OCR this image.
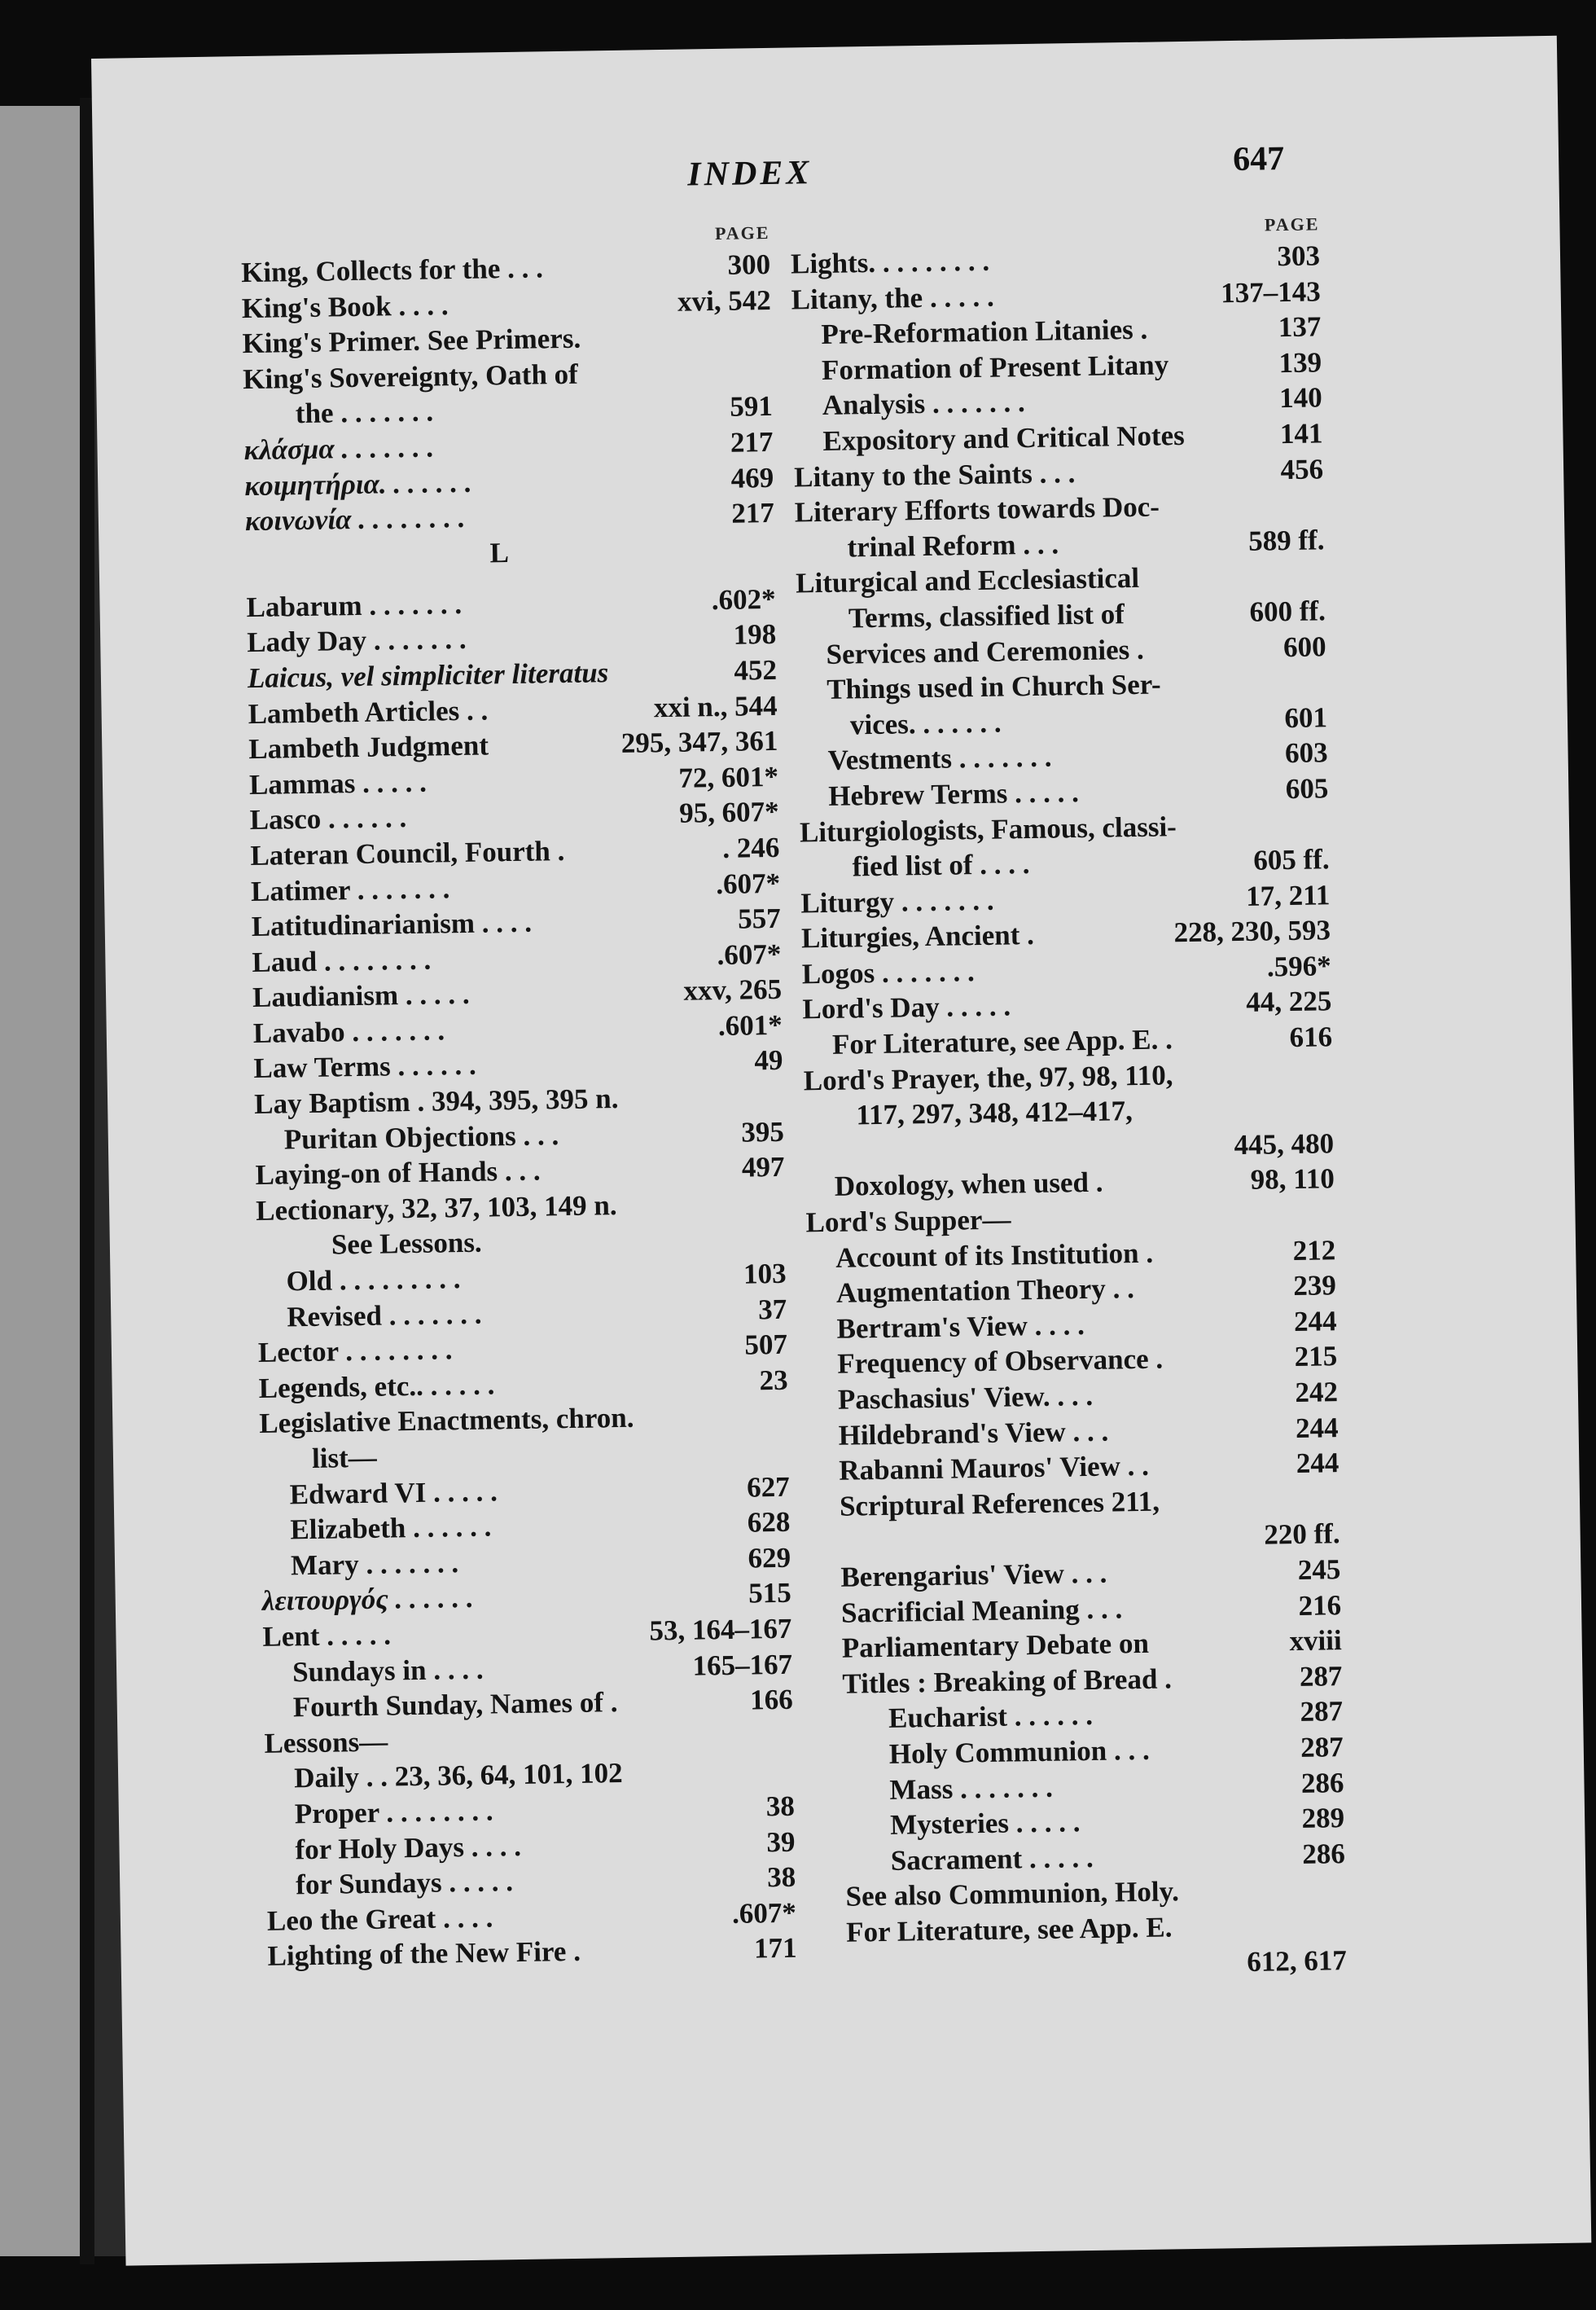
INDEX	647
PAGE
King, Collects for the . . .	300
King's Book . . . .	xvi, 542
King's Primer. See Primers.
King's Sovereignty, Oath of
the . . . . . . .	591
κλάσμα . . . . . . .	217
κοιμητήρια. . . . . . .	469
κοινωνία . . . . . . . .	217
L
Labarum . . . . . . .	.602*
Lady Day . . . . . . .	198
Laicus, vel simpliciter literatus	452
Lambeth Articles . .	xxi n., 544
Lambeth Judgment	295, 347, 361
Lammas . . . . .	72, 601*
Lasco . . . . . .	95, 607*
Lateran Council, Fourth .	. 246
Latimer . . . . . . .	.607*
Latitudinarianism . . . .	557
Laud . . . . . . . .	.607*
Laudianism . . . . .	xxv, 265
Lavabo . . . . . . .	.601*
Law Terms . . . . . .	49
Lay Baptism . 394, 395, 395 n.
Puritan Objections . . .	395
Laying-on of Hands . . .	497
Lectionary, 32, 37, 103, 149 n.
See Lessons.
Old . . . . . . . . .	103
Revised . . . . . . .	37
Lector . . . . . . . .	507
Legends, etc.. . . . . .	23
Legislative Enactments, chron.
list—
Edward VI . . . . .	627
Elizabeth . . . . . .	628
Mary . . . . . . .	629
λειτουργός . . . . . .	515
Lent . . . . .	53, 164–167
Sundays in . . . .	165–167
Fourth Sunday, Names of .	166
Lessons—
Daily . . 23, 36, 64, 101, 102
Proper . . . . . . . .	38
for Holy Days . . . .	39
for Sundays . . . . .	38
Leo the Great . . . .	.607*
Lighting of the New Fire .	171
PAGE
Lights. . . . . . . . .	303
Litany, the . . . . .	137–143
Pre-Reformation Litanies .	137
Formation of Present Litany	139
Analysis . . . . . . .	140
Expository and Critical Notes	141
Litany to the Saints . . .	456
Literary Efforts towards Doc-
trinal Reform . . .	589 ff.
Liturgical and Ecclesiastical
Terms, classified list of	600 ff.
Services and Ceremonies .	600
Things used in Church Ser-
vices. . . . . . .	601
Vestments . . . . . . .	603
Hebrew Terms . . . . .	605
Liturgiologists, Famous, classi-
fied list of . . . .	605 ff.
Liturgy . . . . . . .	17, 211
Liturgies, Ancient .	228, 230, 593
Logos . . . . . . .	.596*
Lord's Day . . . . .	44, 225
For Literature, see App. E. .	616
Lord's Prayer, the, 97, 98, 110,
117, 297, 348, 412–417,
445, 480
Doxology, when used .	98, 110
Lord's Supper—
Account of its Institution .	212
Augmentation Theory . .	239
Bertram's View . . . .	244
Frequency of Observance .	215
Paschasius' View. . . .	242
Hildebrand's View . . .	244
Rabanni Mauros' View . .	244
Scriptural References 211,
220 ff.
Berengarius' View . . .	245
Sacrificial Meaning . . .	216
Parliamentary Debate on	xviii
Titles : Breaking of Bread .	287
Eucharist . . . . . .	287
Holy Communion . . .	287
Mass . . . . . . .	286
Mysteries . . . . .	289
Sacrament . . . . .	286
See also Communion, Holy.
For Literature, see App. E.
612, 617
